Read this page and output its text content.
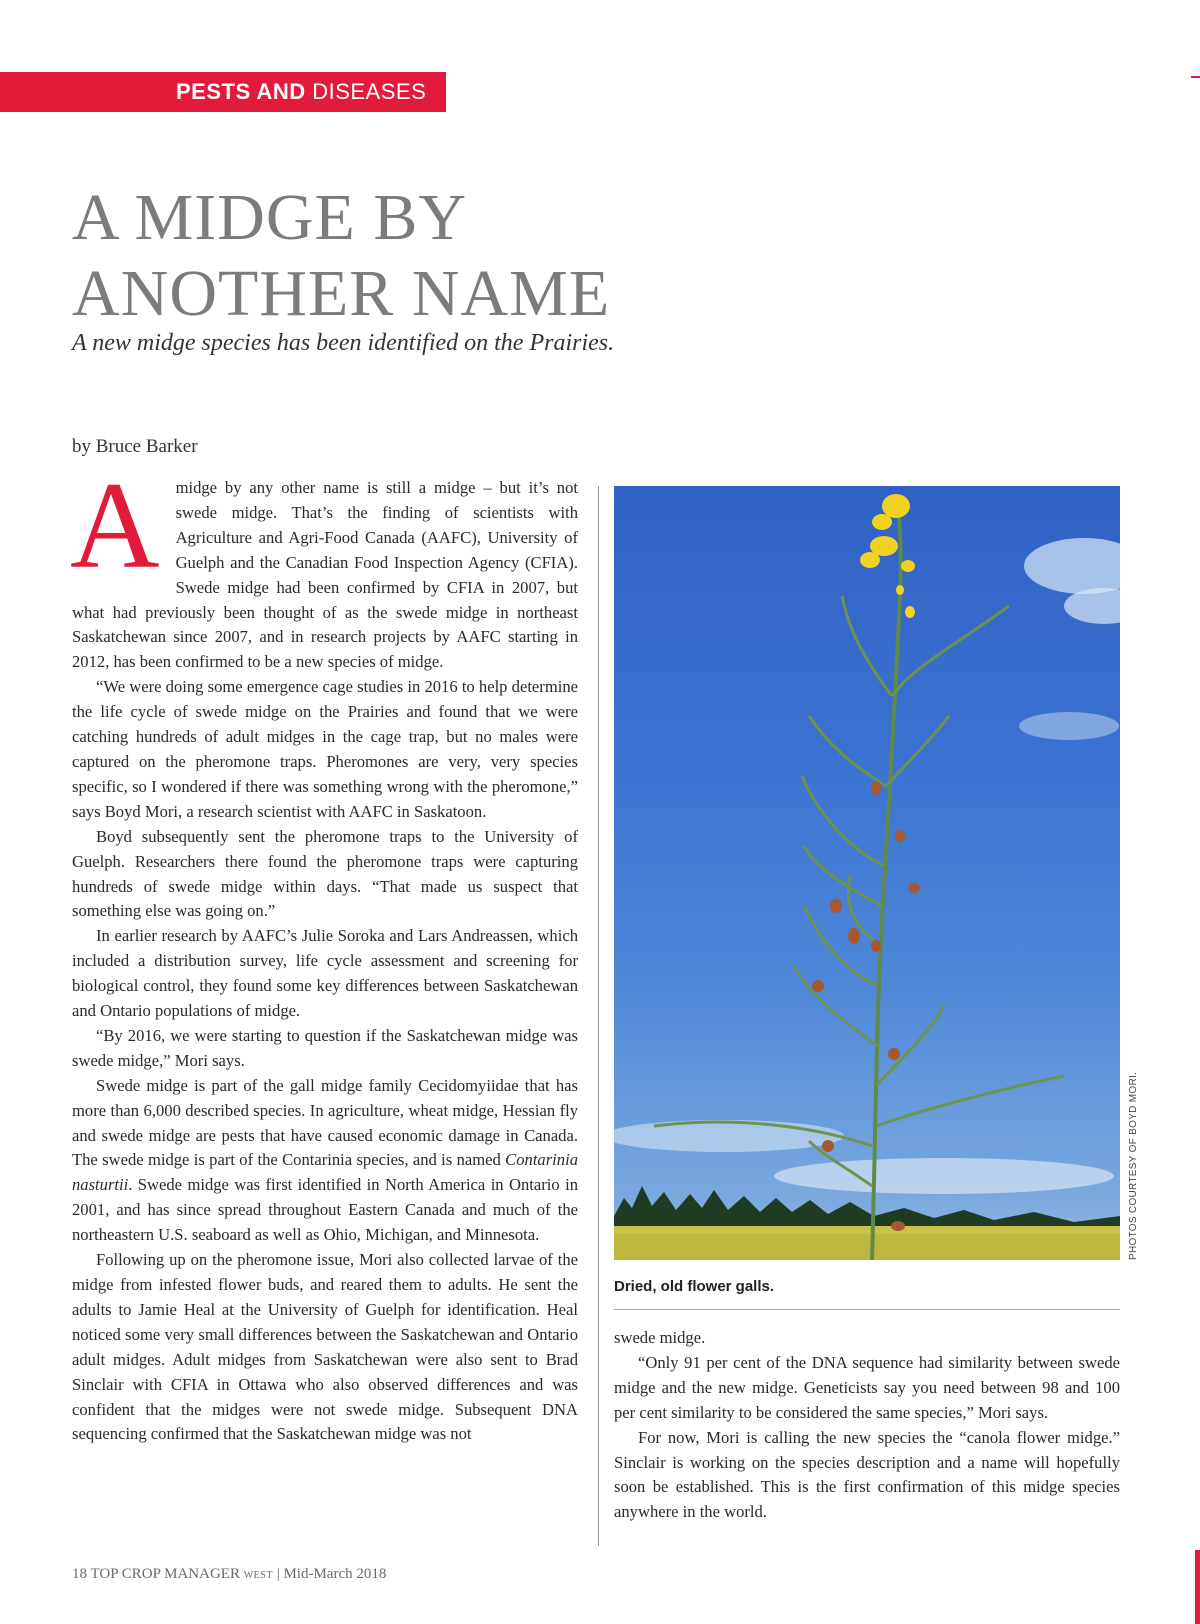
PESTS AND DISEASES
A MIDGE BY
ANOTHER NAME

A new midge species has been identified on the Prairies.

by Bruce Barker

Amidge by any other name is still a midge – but it’s not swede midge. That’s the finding of scientists with Agriculture and Agri-Food Canada (AAFC), University of Guelph and the Canadian Food Inspection Agency (CFIA). Swede midge had been confirmed by CFIA in 2007, but what had previously been thought of as the swede midge in northeast Saskatchewan since 2007, and in research projects by AAFC starting in 2012, has been confirmed to be a new species of midge.

“We were doing some emergence cage studies in 2016 to help determine the life cycle of swede midge on the Prairies and found that we were catching hundreds of adult midges in the cage trap, but no males were captured on the pheromone traps. Pheromones are very, very species specific, so I wondered if there was something wrong with the pheromone,” says Boyd Mori, a research scientist with AAFC in Saskatoon.

Boyd subsequently sent the pheromone traps to the University of Guelph. Researchers there found the pheromone traps were capturing hundreds of swede midge within days. “That made us suspect that something else was going on.”

In earlier research by AAFC’s Julie Soroka and Lars Andreassen, which included a distribution survey, life cycle assessment and screening for biological control, they found some key differences between Saskatchewan and Ontario populations of midge.

“By 2016, we were starting to question if the Saskatchewan midge was swede midge,” Mori says.

Swede midge is part of the gall midge family Cecidomyiidae that has more than 6,000 described species. In agriculture, wheat midge, Hessian fly and swede midge are pests that have caused economic damage in Canada. The swede midge is part of the Contarinia species, and is named Contarinia nasturtii. Swede midge was first identified in North America in Ontario in 2001, and has since spread throughout Eastern Canada and much of the northeastern U.S. seaboard as well as Ohio, Michigan, and Minnesota.

Following up on the pheromone issue, Mori also collected larvae of the midge from infested flower buds, and reared them to adults. He sent the adults to Jamie Heal at the University of Guelph for identification. Heal noticed some very small differences between the Saskatchewan and Ontario adult midges. Adult midges from Saskatchewan were also sent to Brad Sinclair with CFIA in Ottawa who also observed differences and was confident that the midges were not swede midge. Subsequent DNA sequencing confirmed that the Saskatchewan midge was not

PHOTOS COURTESY OF BOYD MORI.

Dried, old flower galls.

swede midge.

“Only 91 per cent of the DNA sequence had similarity between swede midge and the new midge. Geneticists say you need between 98 and 100 per cent similarity to be considered the same species,” Mori says.

For now, Mori is calling the new species the “canola flower midge.” Sinclair is working on the species description and a name will hopefully soon be established. This is the first confirmation of this midge species anywhere in the world.

18 TOP CROP MANAGER WEST | Mid-March 2018
